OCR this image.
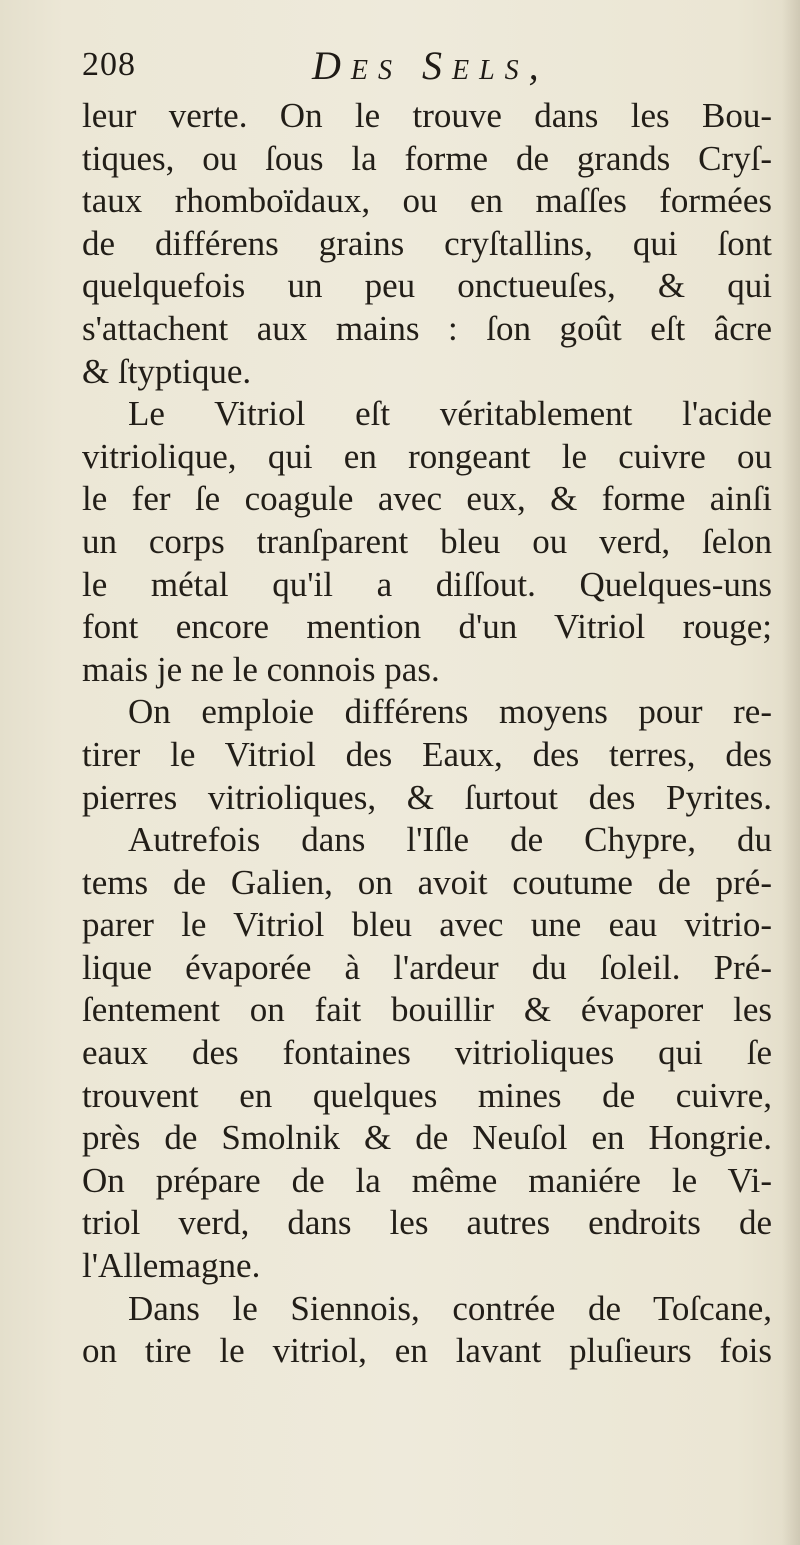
208	Des Sels,
leur verte. On le trouve dans les Bou-
tiques, ou ſous la forme de grands Cryſ-
taux rhomboïdaux, ou en maſſes formées
de différens grains cryſtallins, qui ſont
quelquefois un peu onctueuſes, & qui
s'attachent aux mains : ſon goût eſt âcre
& ſtyptique.
Le Vitriol eſt véritablement l'acide
vitriolique, qui en rongeant le cuivre ou
le fer ſe coagule avec eux, & forme ainſi
un corps tranſparent bleu ou verd, ſelon
le métal qu'il a diſſout. Quelques-uns
font encore mention d'un Vitriol rouge;
mais je ne le connois pas.
On emploie différens moyens pour re-
tirer le Vitriol des Eaux, des terres, des
pierres vitrioliques, & ſurtout des Pyrites.
Autrefois dans l'Iſle de Chypre, du
tems de Galien, on avoit coutume de pré-
parer le Vitriol bleu avec une eau vitrio-
lique évaporée à l'ardeur du ſoleil. Pré-
ſentement on fait bouillir & évaporer les
eaux des fontaines vitrioliques qui ſe
trouvent en quelques mines de cuivre,
près de Smolnik & de Neuſol en Hongrie.
On prépare de la même maniére le Vi-
triol verd, dans les autres endroits de
l'Allemagne.
Dans le Siennois, contrée de Toſcane,
on tire le vitriol, en lavant pluſieurs fois
